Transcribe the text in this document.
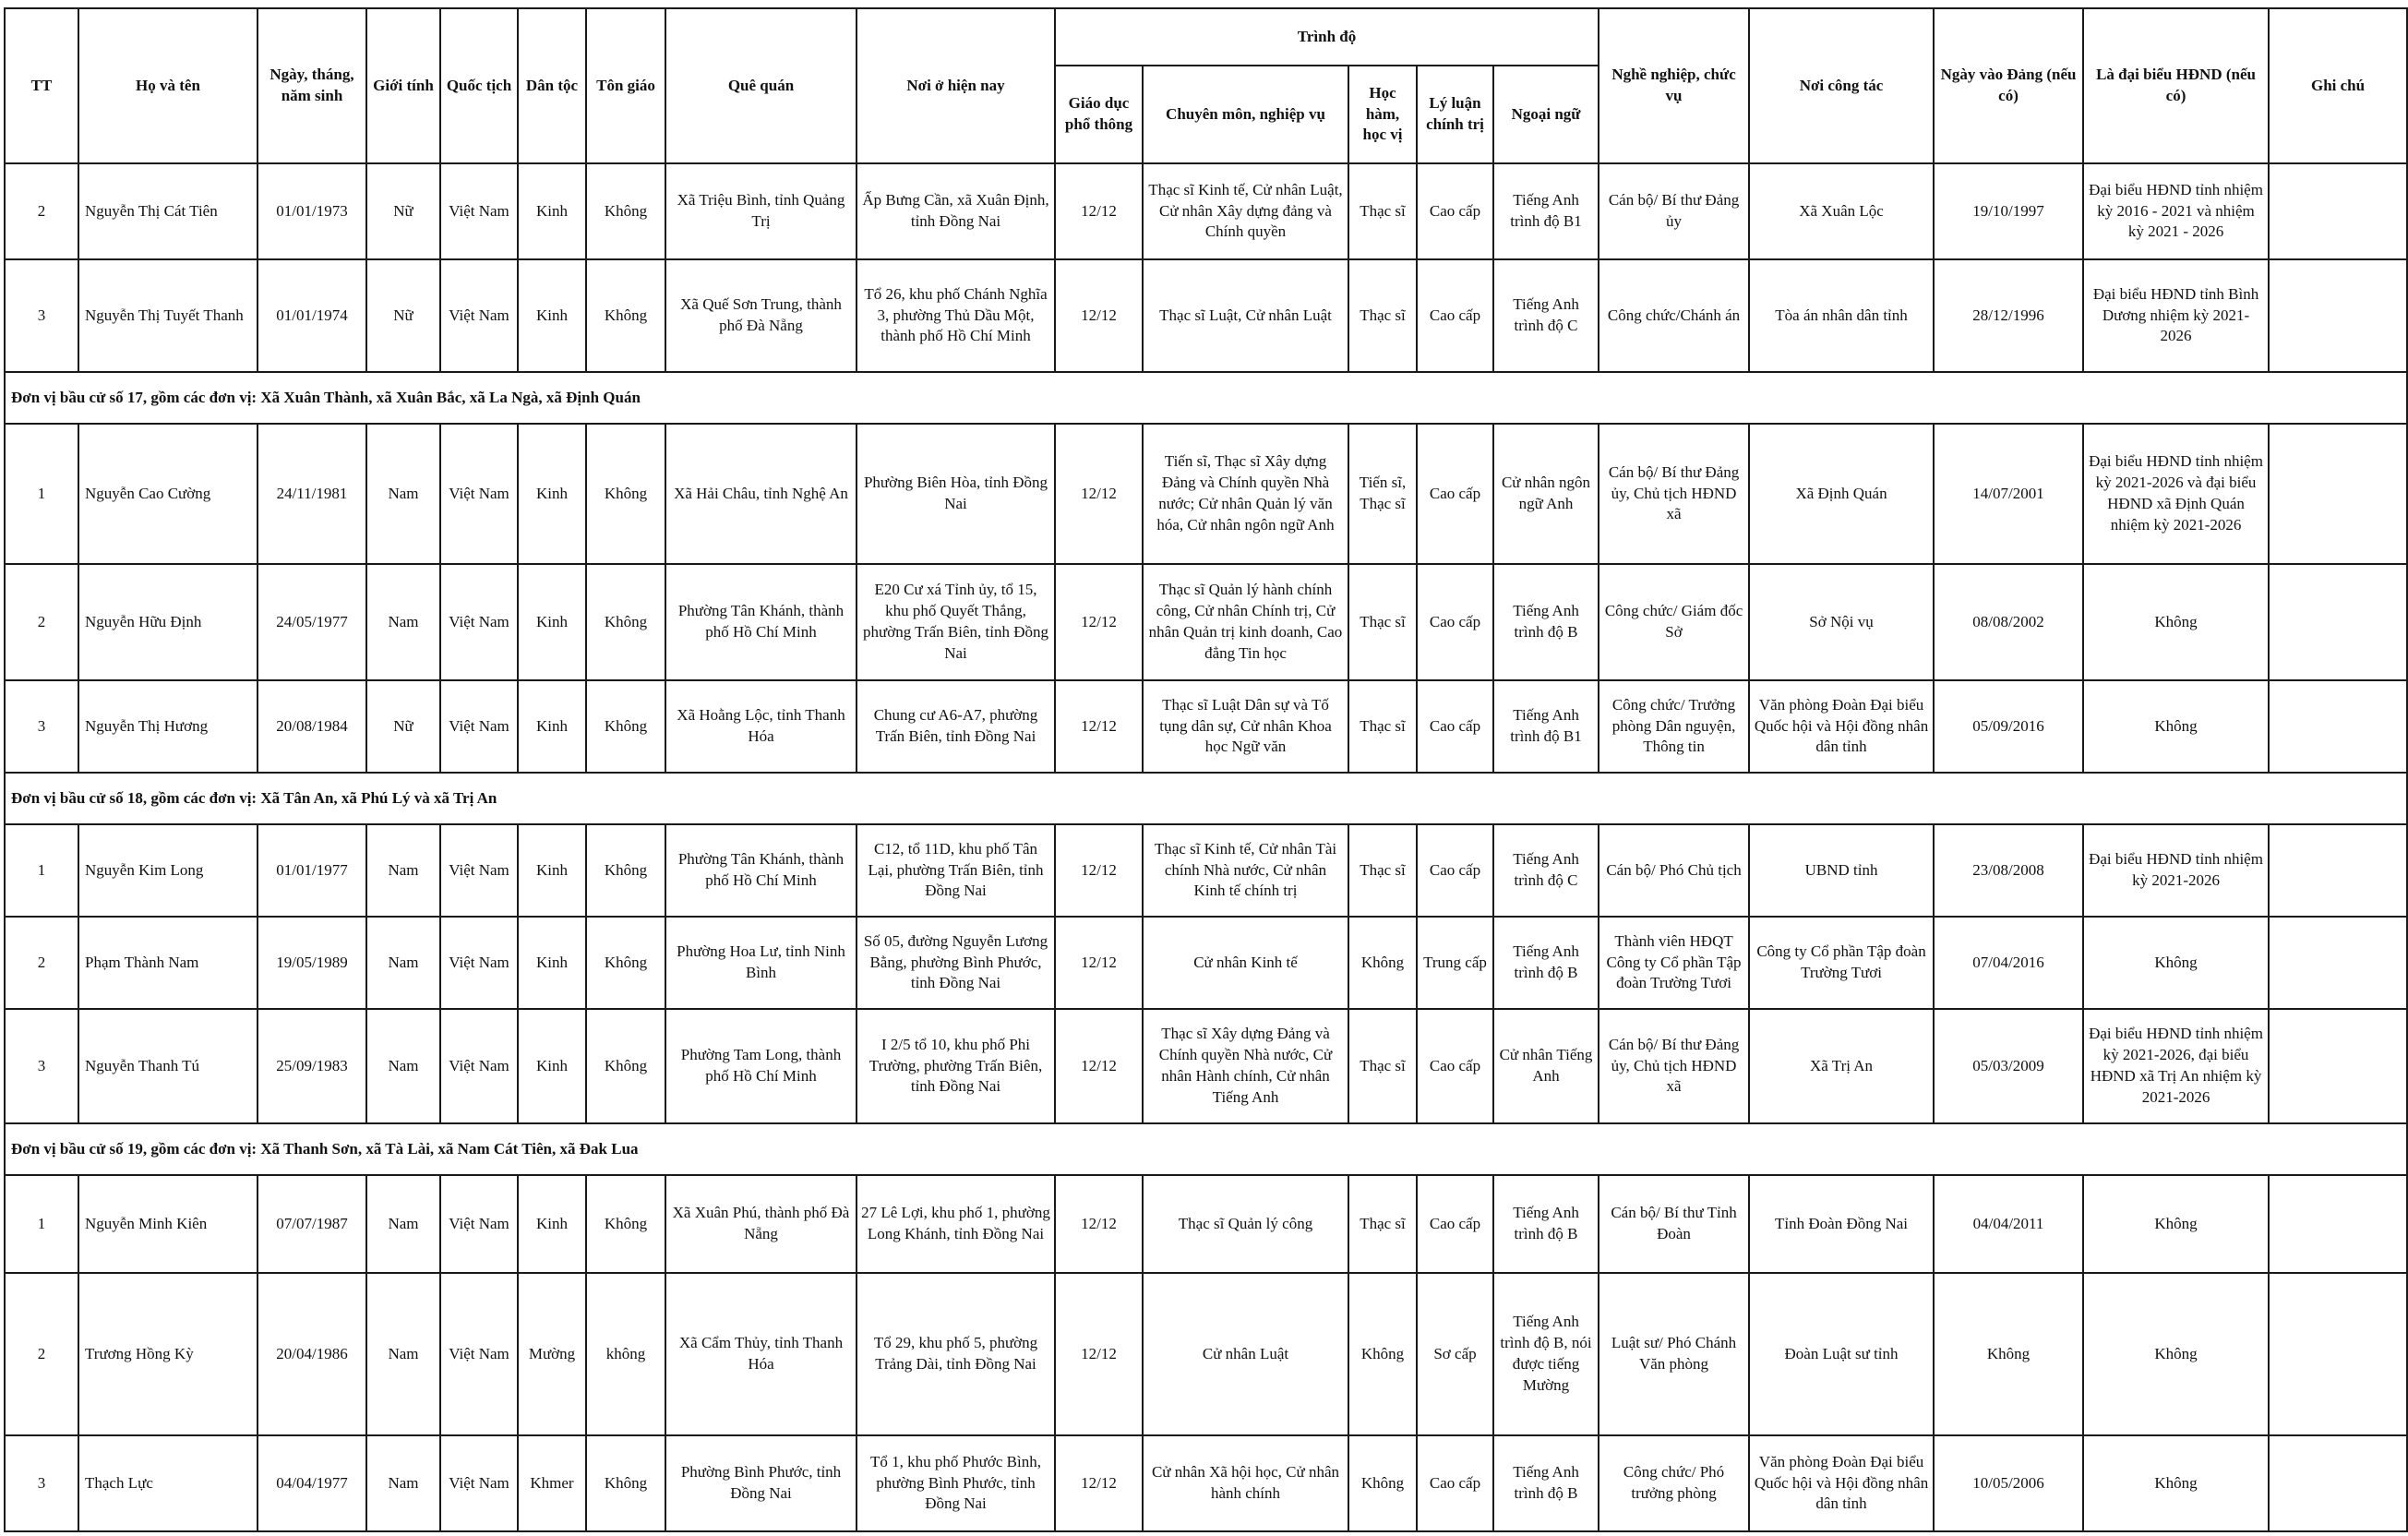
TT	Họ và tên	Ngày, tháng, năm sinh	Giới tính	Quốc tịch	Dân tộc	Tôn giáo	Quê quán	Nơi ở hiện nay	Trình độ					Nghề nghiệp, chức vụ	Nơi công tác	Ngày vào Đảng (nếu có)	Là đại biểu HĐND (nếu có)	Ghi chú
									Giáo dục phổ thông	Chuyên môn, nghiệp vụ	Học hàm, học vị	Lý luận chính trị	Ngoại ngữ					
2	Nguyễn Thị Cát Tiên	01/01/1973	Nữ	Việt Nam	Kinh	Không	Xã Triệu Bình, tỉnh Quảng Trị	Ấp Bưng Cần, xã Xuân Định, tỉnh Đồng Nai	12/12	Thạc sĩ Kinh tế, Cử nhân Luật, Cử nhân Xây dựng đảng và Chính quyền	Thạc sĩ	Cao cấp	Tiếng Anh trình độ B1	Cán bộ/ Bí thư Đảng ủy	Xã Xuân Lộc	19/10/1997	Đại biểu HĐND tỉnh nhiệm kỳ 2016 - 2021 và nhiệm kỳ 2021 - 2026	
3	Nguyễn Thị Tuyết Thanh	01/01/1974	Nữ	Việt Nam	Kinh	Không	Xã Quế Sơn Trung, thành phố Đà Nẵng	Tổ 26, khu phố Chánh Nghĩa 3, phường Thủ Dầu Một, thành phố Hồ Chí Minh	12/12	Thạc sĩ Luật, Cử nhân Luật	Thạc sĩ	Cao cấp	Tiếng Anh trình độ C	Công chức/Chánh án	Tòa án nhân dân tỉnh	28/12/1996	Đại biểu HĐND tỉnh Bình Dương nhiệm kỳ 2021-2026	
Đơn vị bầu cử số 17, gồm các đơn vị: Xã Xuân Thành, xã Xuân Bắc, xã La Ngà, xã Định Quán																		
1	Nguyễn Cao Cường	24/11/1981	Nam	Việt Nam	Kinh	Không	Xã Hải Châu, tỉnh Nghệ An	Phường Biên Hòa, tỉnh Đồng Nai	12/12	Tiến sĩ, Thạc sĩ Xây dựng Đảng và Chính quyền Nhà nước; Cử nhân Quản lý văn hóa, Cử nhân ngôn ngữ Anh	Tiến sĩ, Thạc sĩ	Cao cấp	Cử nhân ngôn ngữ Anh	Cán bộ/ Bí thư Đảng ủy, Chủ tịch HĐND xã	Xã Định Quán	14/07/2001	Đại biểu HĐND tỉnh nhiệm kỳ 2021-2026 và đại biểu HĐND xã Định Quán nhiệm kỳ 2021-2026	
2	Nguyễn Hữu Định	24/05/1977	Nam	Việt Nam	Kinh	Không	Phường Tân Khánh, thành phố Hồ Chí Minh	E20 Cư xá Tỉnh ủy, tổ 15, khu phố Quyết Thắng, phường Trấn Biên, tỉnh Đồng Nai	12/12	Thạc sĩ Quản lý hành chính công, Cử nhân Chính trị, Cử nhân Quản trị kinh doanh, Cao đẳng Tin học	Thạc sĩ	Cao cấp	Tiếng Anh trình độ B	Công chức/ Giám đốc Sở	Sở Nội vụ	08/08/2002	Không	
3	Nguyễn Thị Hương	20/08/1984	Nữ	Việt Nam	Kinh	Không	Xã Hoằng Lộc, tỉnh Thanh Hóa	Chung cư A6-A7, phường Trấn Biên, tỉnh Đồng Nai	12/12	Thạc sĩ Luật Dân sự và Tố tụng dân sự, Cử nhân Khoa học Ngữ văn	Thạc sĩ	Cao cấp	Tiếng Anh trình độ B1	Công chức/ Trưởng phòng Dân nguyện, Thông tin	Văn phòng Đoàn Đại biểu Quốc hội và Hội đồng nhân dân tỉnh	05/09/2016	Không	
Đơn vị bầu cử số 18, gồm các đơn vị: Xã Tân An, xã Phú Lý và xã Trị An																		
1	Nguyễn Kim Long	01/01/1977	Nam	Việt Nam	Kinh	Không	Phường Tân Khánh, thành phố Hồ Chí Minh	C12, tổ 11D, khu phố Tân Lại, phường Trấn Biên, tỉnh Đồng Nai	12/12	Thạc sĩ Kinh tế, Cử nhân Tài chính Nhà nước, Cử nhân Kinh tế chính trị	Thạc sĩ	Cao cấp	Tiếng Anh trình độ C	Cán bộ/ Phó Chủ tịch	UBND tỉnh	23/08/2008	Đại biểu HĐND tỉnh nhiệm kỳ 2021-2026	
2	Phạm Thành Nam	19/05/1989	Nam	Việt Nam	Kinh	Không	Phường Hoa Lư, tỉnh Ninh Bình	Số 05, đường Nguyễn Lương Bằng, phường Bình Phước, tỉnh Đồng Nai	12/12	Cử nhân Kinh tế	Không	Trung cấp	Tiếng Anh trình độ B	Thành viên HĐQT Công ty Cổ phần Tập đoàn Trường Tươi	Công ty Cổ phần Tập đoàn Trường Tươi	07/04/2016	Không	
3	Nguyễn Thanh Tú	25/09/1983	Nam	Việt Nam	Kinh	Không	Phường Tam Long, thành phố Hồ Chí Minh	I 2/5 tổ 10, khu phố Phi Trường, phường Trấn Biên, tỉnh Đồng Nai	12/12	Thạc sĩ Xây dựng Đảng và Chính quyền Nhà nước, Cử nhân Hành chính, Cử nhân Tiếng Anh	Thạc sĩ	Cao cấp	Cử nhân Tiếng Anh	Cán bộ/ Bí thư Đảng ủy, Chủ tịch HĐND xã	Xã Trị An	05/03/2009	Đại biểu HĐND tỉnh nhiệm kỳ 2021-2026, đại biểu HĐND xã Trị An nhiệm kỳ 2021-2026	
Đơn vị bầu cử số 19, gồm các đơn vị: Xã Thanh Sơn, xã Tà Lài, xã Nam Cát Tiên, xã Đak Lua																		
1	Nguyễn Minh Kiên	07/07/1987	Nam	Việt Nam	Kinh	Không	Xã Xuân Phú, thành phố Đà Nẵng	27 Lê Lợi, khu phố 1, phường Long Khánh, tỉnh Đồng Nai	12/12	Thạc sĩ Quản lý công	Thạc sĩ	Cao cấp	Tiếng Anh trình độ B	Cán bộ/ Bí thư Tỉnh Đoàn	Tỉnh Đoàn Đồng Nai	04/04/2011	Không	
2	Trương Hồng Kỳ	20/04/1986	Nam	Việt Nam	Mường	không	Xã Cẩm Thủy, tỉnh Thanh Hóa	Tổ 29, khu phố 5, phường Trảng Dài, tỉnh Đồng Nai	12/12	Cử nhân Luật	Không	Sơ cấp	Tiếng Anh trình độ B, nói được tiếng Mường	Luật sư/ Phó Chánh Văn phòng	Đoàn Luật sư tỉnh	Không	Không	
3	Thạch Lực	04/04/1977	Nam	Việt Nam	Khmer	Không	Phường Bình Phước, tỉnh Đồng Nai	Tổ 1, khu phố Phước Bình, phường Bình Phước, tỉnh Đồng Nai	12/12	Cử nhân Xã hội học, Cử nhân hành chính	Không	Cao cấp	Tiếng Anh trình độ B	Công chức/ Phó trưởng phòng	Văn phòng Đoàn Đại biểu Quốc hội và Hội đồng nhân dân tỉnh	10/05/2006	Không	
